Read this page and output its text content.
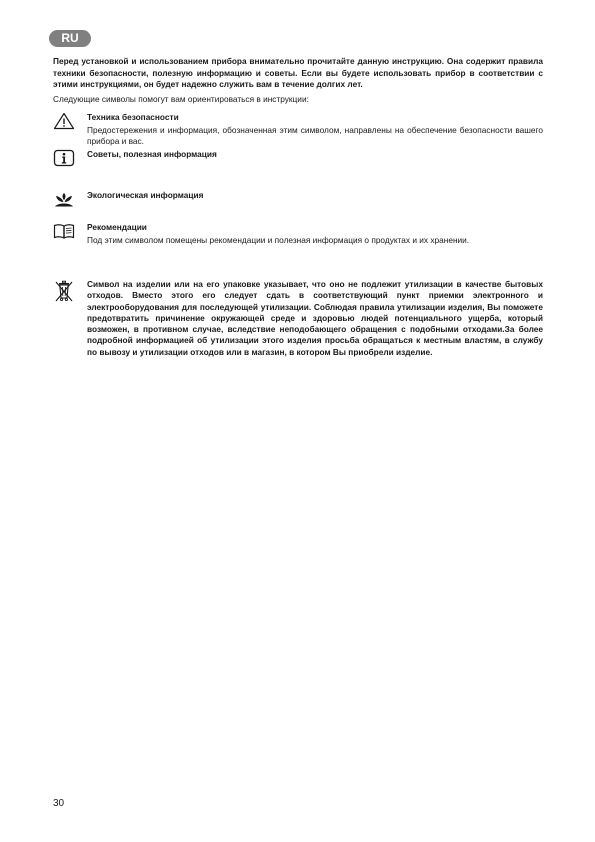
RU
Перед установкой и использованием прибора внимательно прочитайте данную инструкцию. Она содержит правила техники безопасности, полезную информацию и советы. Если вы будете использовать прибор в соответствии с этими инструкциями, он будет надежно служить вам в течение долгих лет.
Следующие символы помогут вам ориентироваться в инструкции:
Техника безопасности
Предостережения и информация, обозначенная этим символом, направлены на обеспечение безопасности вашего прибора и вас.
Советы, полезная информация
Экологическая информация
Рекомендации
Под этим символом помещены рекомендации и полезная информация о продуктах и их хранении.
Символ на изделии или на его упаковке указывает, что оно не подлежит утилизации в качестве бытовых отходов. Вместо этого его следует сдать в соответствующий пункт приемки электронного и электрооборудования для последующей утилизации. Соблюдая правила утилизации изделия, Вы поможете предотвратить причинение окружающей среде и здоровью людей потенциального ущерба, который возможен, в противном случае, вследствие неподобающего обращения с подобными отходами.За более подробной информацией об утилизации этого изделия просьба обращаться к местным властям, в службу по вывозу и утилизации отходов или в магазин, в котором Вы приобрели изделие.
30
